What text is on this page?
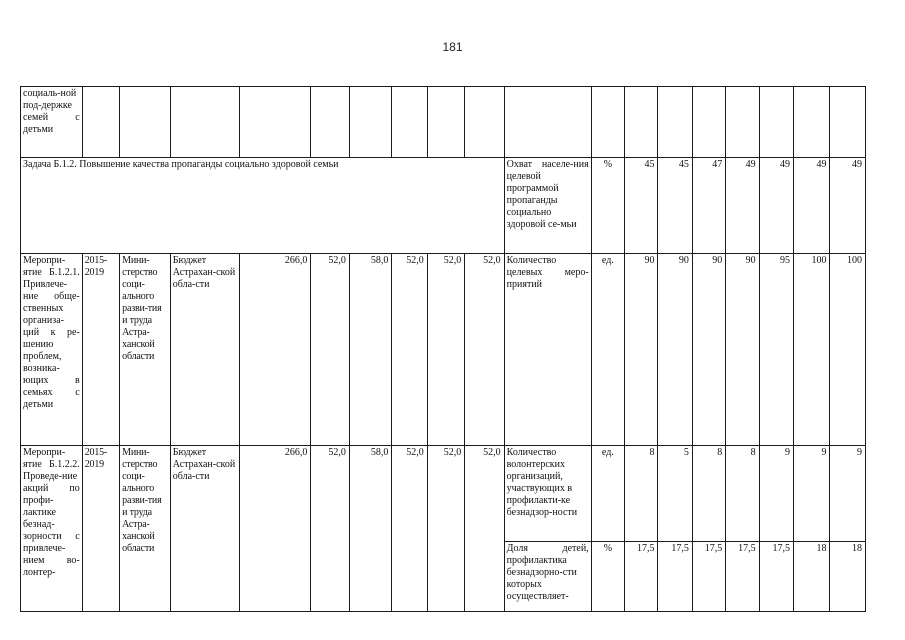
181
социаль-ной под-держке семей с детьми																		
Задача Б.1.2. Повышение качества пропаганды социально здоровой семьи										Охват населе-ния целевой программой пропаганды социально здоровой се-мьи	%	45	45	47	49	49	49	49
Меропри-ятие Б.1.2.1. Привлече-ние обще-ственных организа-ций к ре-шению проблем, возника-ющих в семьях с детьми	2015-2019	Мини-стерство соци-ального разви-тия и труда Астра-ханской области	Бюджет Астрахан-ской обла-сти	266,0	52,0	58,0	52,0	52,0	52,0	Количество целевых меро-приятий	ед.	90	90	90	90	95	100	100
Меропри-ятие Б.1.2.2. Проведе-ние акций по профи-лактике безнад-зорности с привлече-нием во-лонтер-	2015-2019	Мини-стерство соци-ального разви-тия и труда Астра-ханской области	Бюджет Астрахан-ской обла-сти	266,0	52,0	58,0	52,0	52,0	52,0	Количество волонтерских организаций, участвующих в профилакти-ке безнадзор-ности	ед.	8	5	8	8	9	9	9
										Доля детей, профилактика безнадзорно-сти которых осуществляет-	%	17,5	17,5	17,5	17,5	17,5	18	18
